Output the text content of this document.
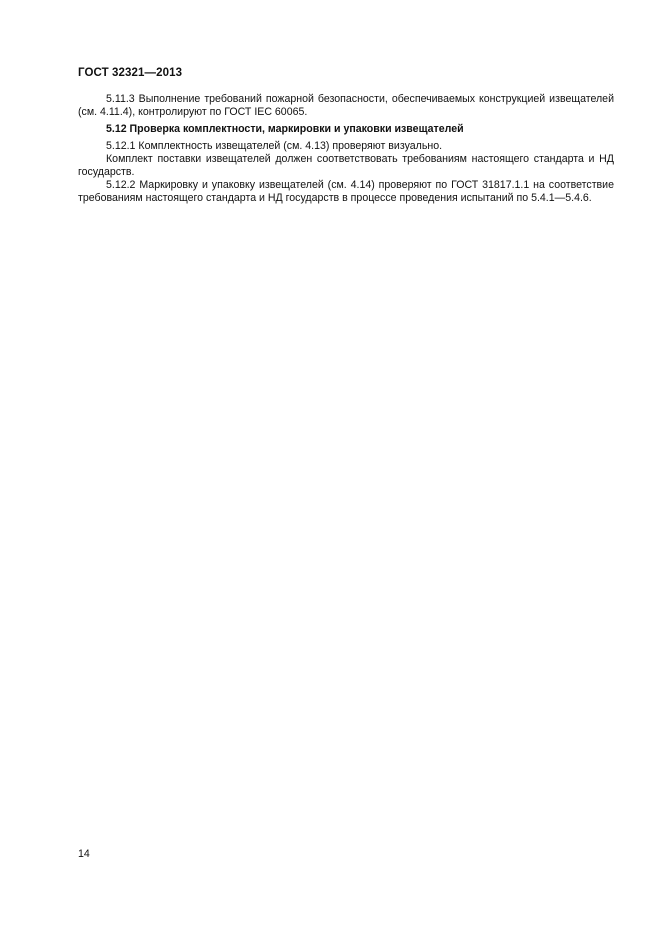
ГОСТ 32321—2013

5.11.3 Выполнение требований пожарной безопасности, обеспечиваемых конструкцией извещателей (см. 4.11.4), контролируют по ГОСТ IEC 60065.

5.12 Проверка комплектности, маркировки и упаковки извещателей

5.12.1 Комплектность извещателей (см. 4.13) проверяют визуально.

Комплект поставки извещателей должен соответствовать требованиям настоящего стандарта и НД государств.

5.12.2 Маркировку и упаковку извещателей (см. 4.14) проверяют по ГОСТ 31817.1.1 на соответствие требованиям настоящего стандарта и НД государств в процессе проведения испытаний по 5.4.1—5.4.6.

14
